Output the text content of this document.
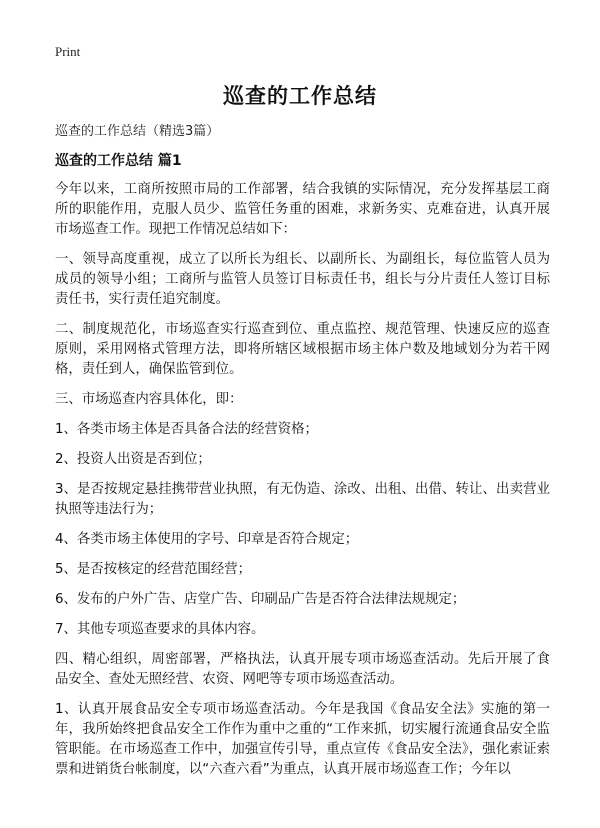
Print
巡查的工作总结
巡查的工作总结（精选3篇）
巡查的工作总结 篇1

今年以来，工商所按照市局的工作部署，结合我镇的实际情况，充分发挥基层工商所的职能作用，克服人员少、监管任务重的困难，求新务实、克难奋进，认真开展市场巡查工作。现把工作情况总结如下：

一、领导高度重视，成立了以所长为组长、以副所长、为副组长，每位监管人员为成员的领导小组；工商所与监管人员签订目标责任书，组长与分片责任人签订目标责任书，实行责任追究制度。

二、制度规范化，市场巡查实行巡查到位、重点监控、规范管理、快速反应的巡查原则，采用网格式管理方法，即将所辖区域根据市场主体户数及地域划分为若干网格，责任到人，确保监管到位。

三、市场巡查内容具体化，即：

1、各类市场主体是否具备合法的经营资格；

2、投资人出资是否到位；

3、是否按规定悬挂携带营业执照，有无伪造、涂改、出租、出借、转让、出卖营业执照等违法行为；

4、各类市场主体使用的字号、印章是否符合规定；

5、是否按核定的经营范围经营；

6、发布的户外广告、店堂广告、印刷品广告是否符合法律法规规定；

7、其他专项巡查要求的具体内容。

四、精心组织，周密部署，严格执法，认真开展专项市场巡查活动。先后开展了食品安全、查处无照经营、农资、网吧等专项市场巡查活动。

1、认真开展食品安全专项市场巡查活动。今年是我国《食品安全法》实施的第一年，我所始终把食品安全工作作为重中之重的“工作来抓，切实履行流通食品安全监管职能。在市场巡查工作中，加强宣传引导，重点宣传《食品安全法》，强化索证索票和进销货台帐制度，以“六查六看”为重点，认真开展市场巡查工作；今年以
